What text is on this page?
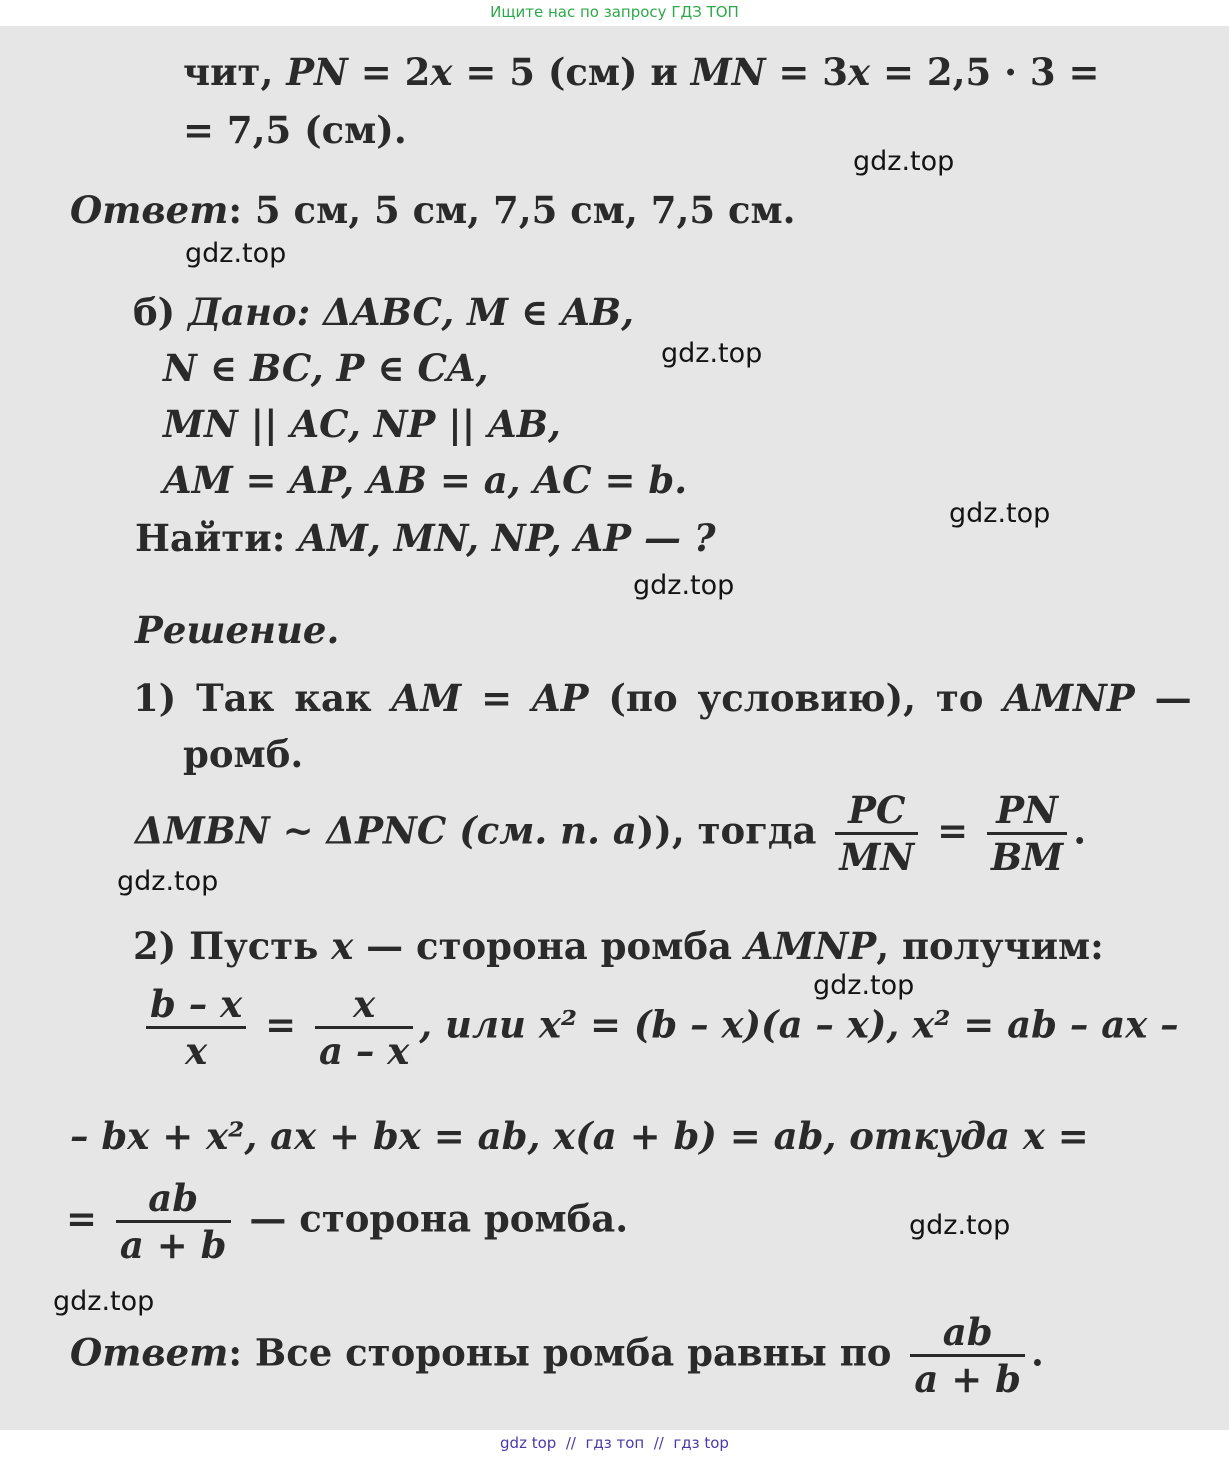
Ищите нас по запросу ГДЗ ТОП
чит, PN = 2x = 5 (см) и MN = 3x = 2,5 · 3 =
= 7,5 (см).
Ответ: 5 см, 5 см, 7,5 см, 7,5 см.
б) Дано: ΔABC, M ∈ AB,
N ∈ BC, P ∈ CA,
MN || AC, NP || AB,
AM = AP, AB = a, AC = b.
Найти: AM, MN, NP, AP — ?
Решение.
1) Так как AM = AP (по условию), то AMNP —
ромб.
ΔMBN ~ ΔPNC (см. п. а)), тогда $\frac{PC}{MN} = \frac{PN}{BM}$ .
2) Пусть x — сторона ромба AMNP, получим:
$\frac{b - x}{x} = \frac{x}{a - x}$ , или x² = (b – x)(a – x), x² = ab – ax –
– bx + x², ax + bx = ab, x(a + b) = ab, откуда x =
= $\frac{ab}{a + b}$ — сторона ромба.
Ответ: Все стороны ромба равны по $\frac{ab}{a + b}$ .
gdz.top
gdz.top
gdz.top
gdz.top
gdz.top
gdz.top
gdz.top
gdz.top
gdz.top
gdz top  //  гдз топ  //  гдз top
